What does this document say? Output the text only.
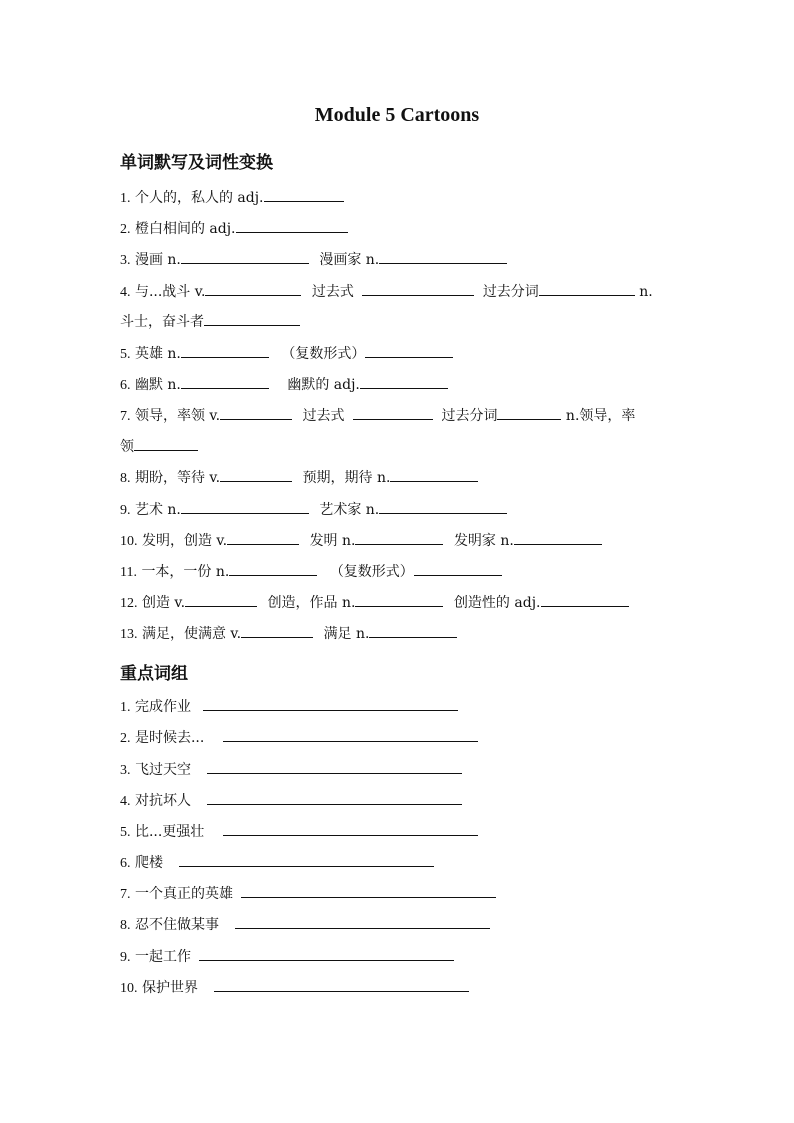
Module 5 Cartoons
单词默写及词性变换
1. 个人的，私人的 adj.
2. 橙白相间的 adj.
3. 漫画 n.	漫画家 n.
4. 与...战斗 v.	过去式	过去分词	n.
斗士，奋斗者
5. 英雄 n.	（复数形式）
6. 幽默 n.	幽默的 adj.
7. 领导，率领 v.	过去式	过去分词	n.领导，率
领
8. 期盼，等待 v.	预期，期待 n.
9. 艺术 n.	艺术家 n.
10. 发明，创造 v.	发明 n.	发明家 n.
11. 一本，一份 n.	（复数形式）
12. 创造 v.	创造，作品 n.	创造性的 adj.
13. 满足，使满意 v.	满足 n.
重点词组
1. 完成作业
2. 是时候去...
3. 飞过天空
4. 对抗坏人
5. 比...更强壮
6. 爬楼
7. 一个真正的英雄
8. 忍不住做某事
9. 一起工作
10. 保护世界
